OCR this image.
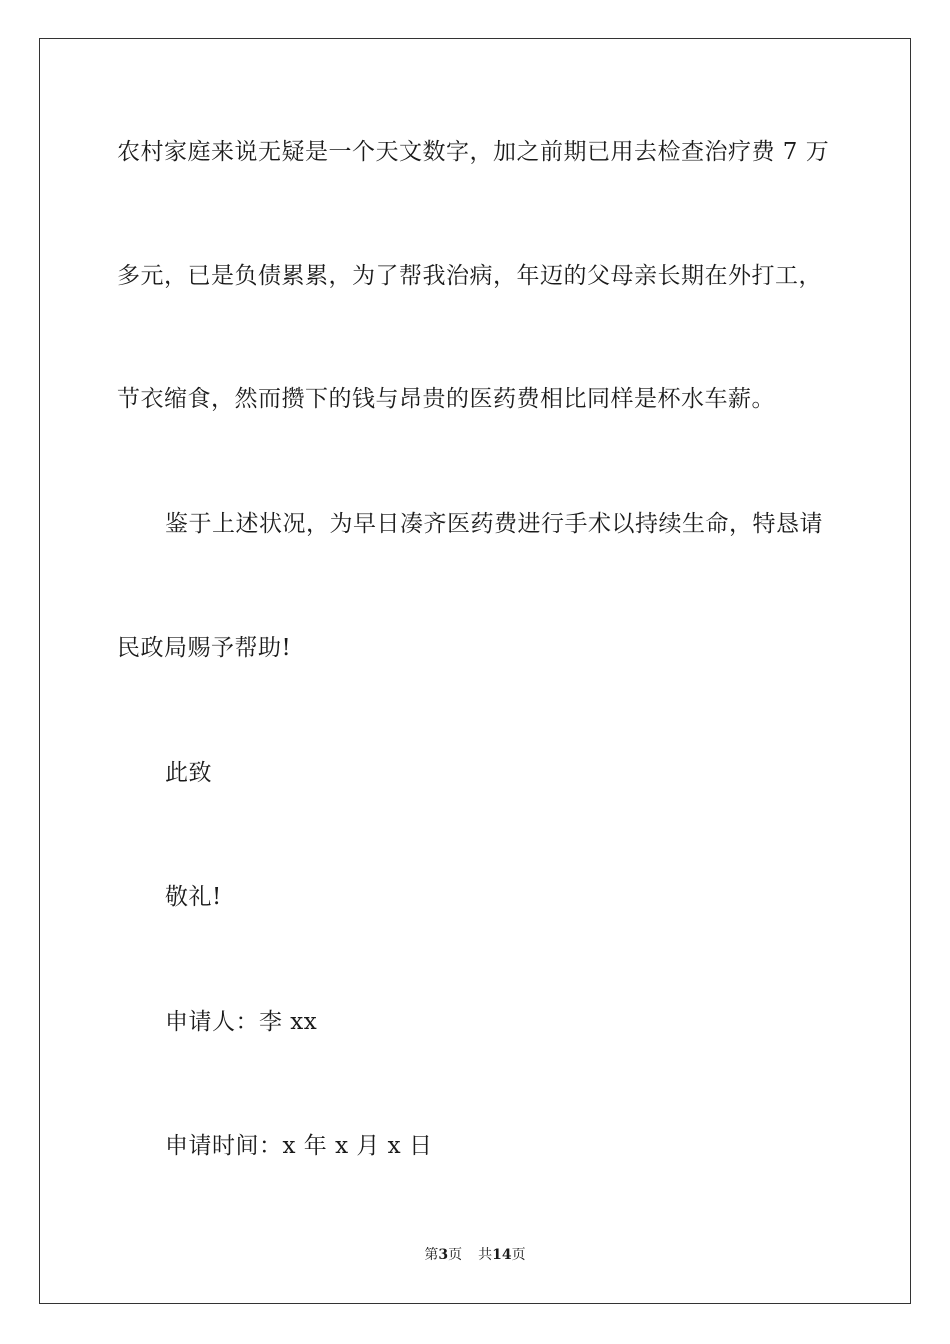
农村家庭来说无疑是一个天文数字，加之前期已用去检查治疗费 7 万
多元，已是负债累累，为了帮我治病，年迈的父母亲长期在外打工，
节衣缩食，然而攒下的钱与昂贵的医药费相比同样是杯水车薪。
鉴于上述状况，为早日凑齐医药费进行手术以持续生命，特恳请
民政局赐予帮助!
此致
敬礼!
申请人：李 xx
申请时间：x 年 x 月 x 日
第3页 共14页
